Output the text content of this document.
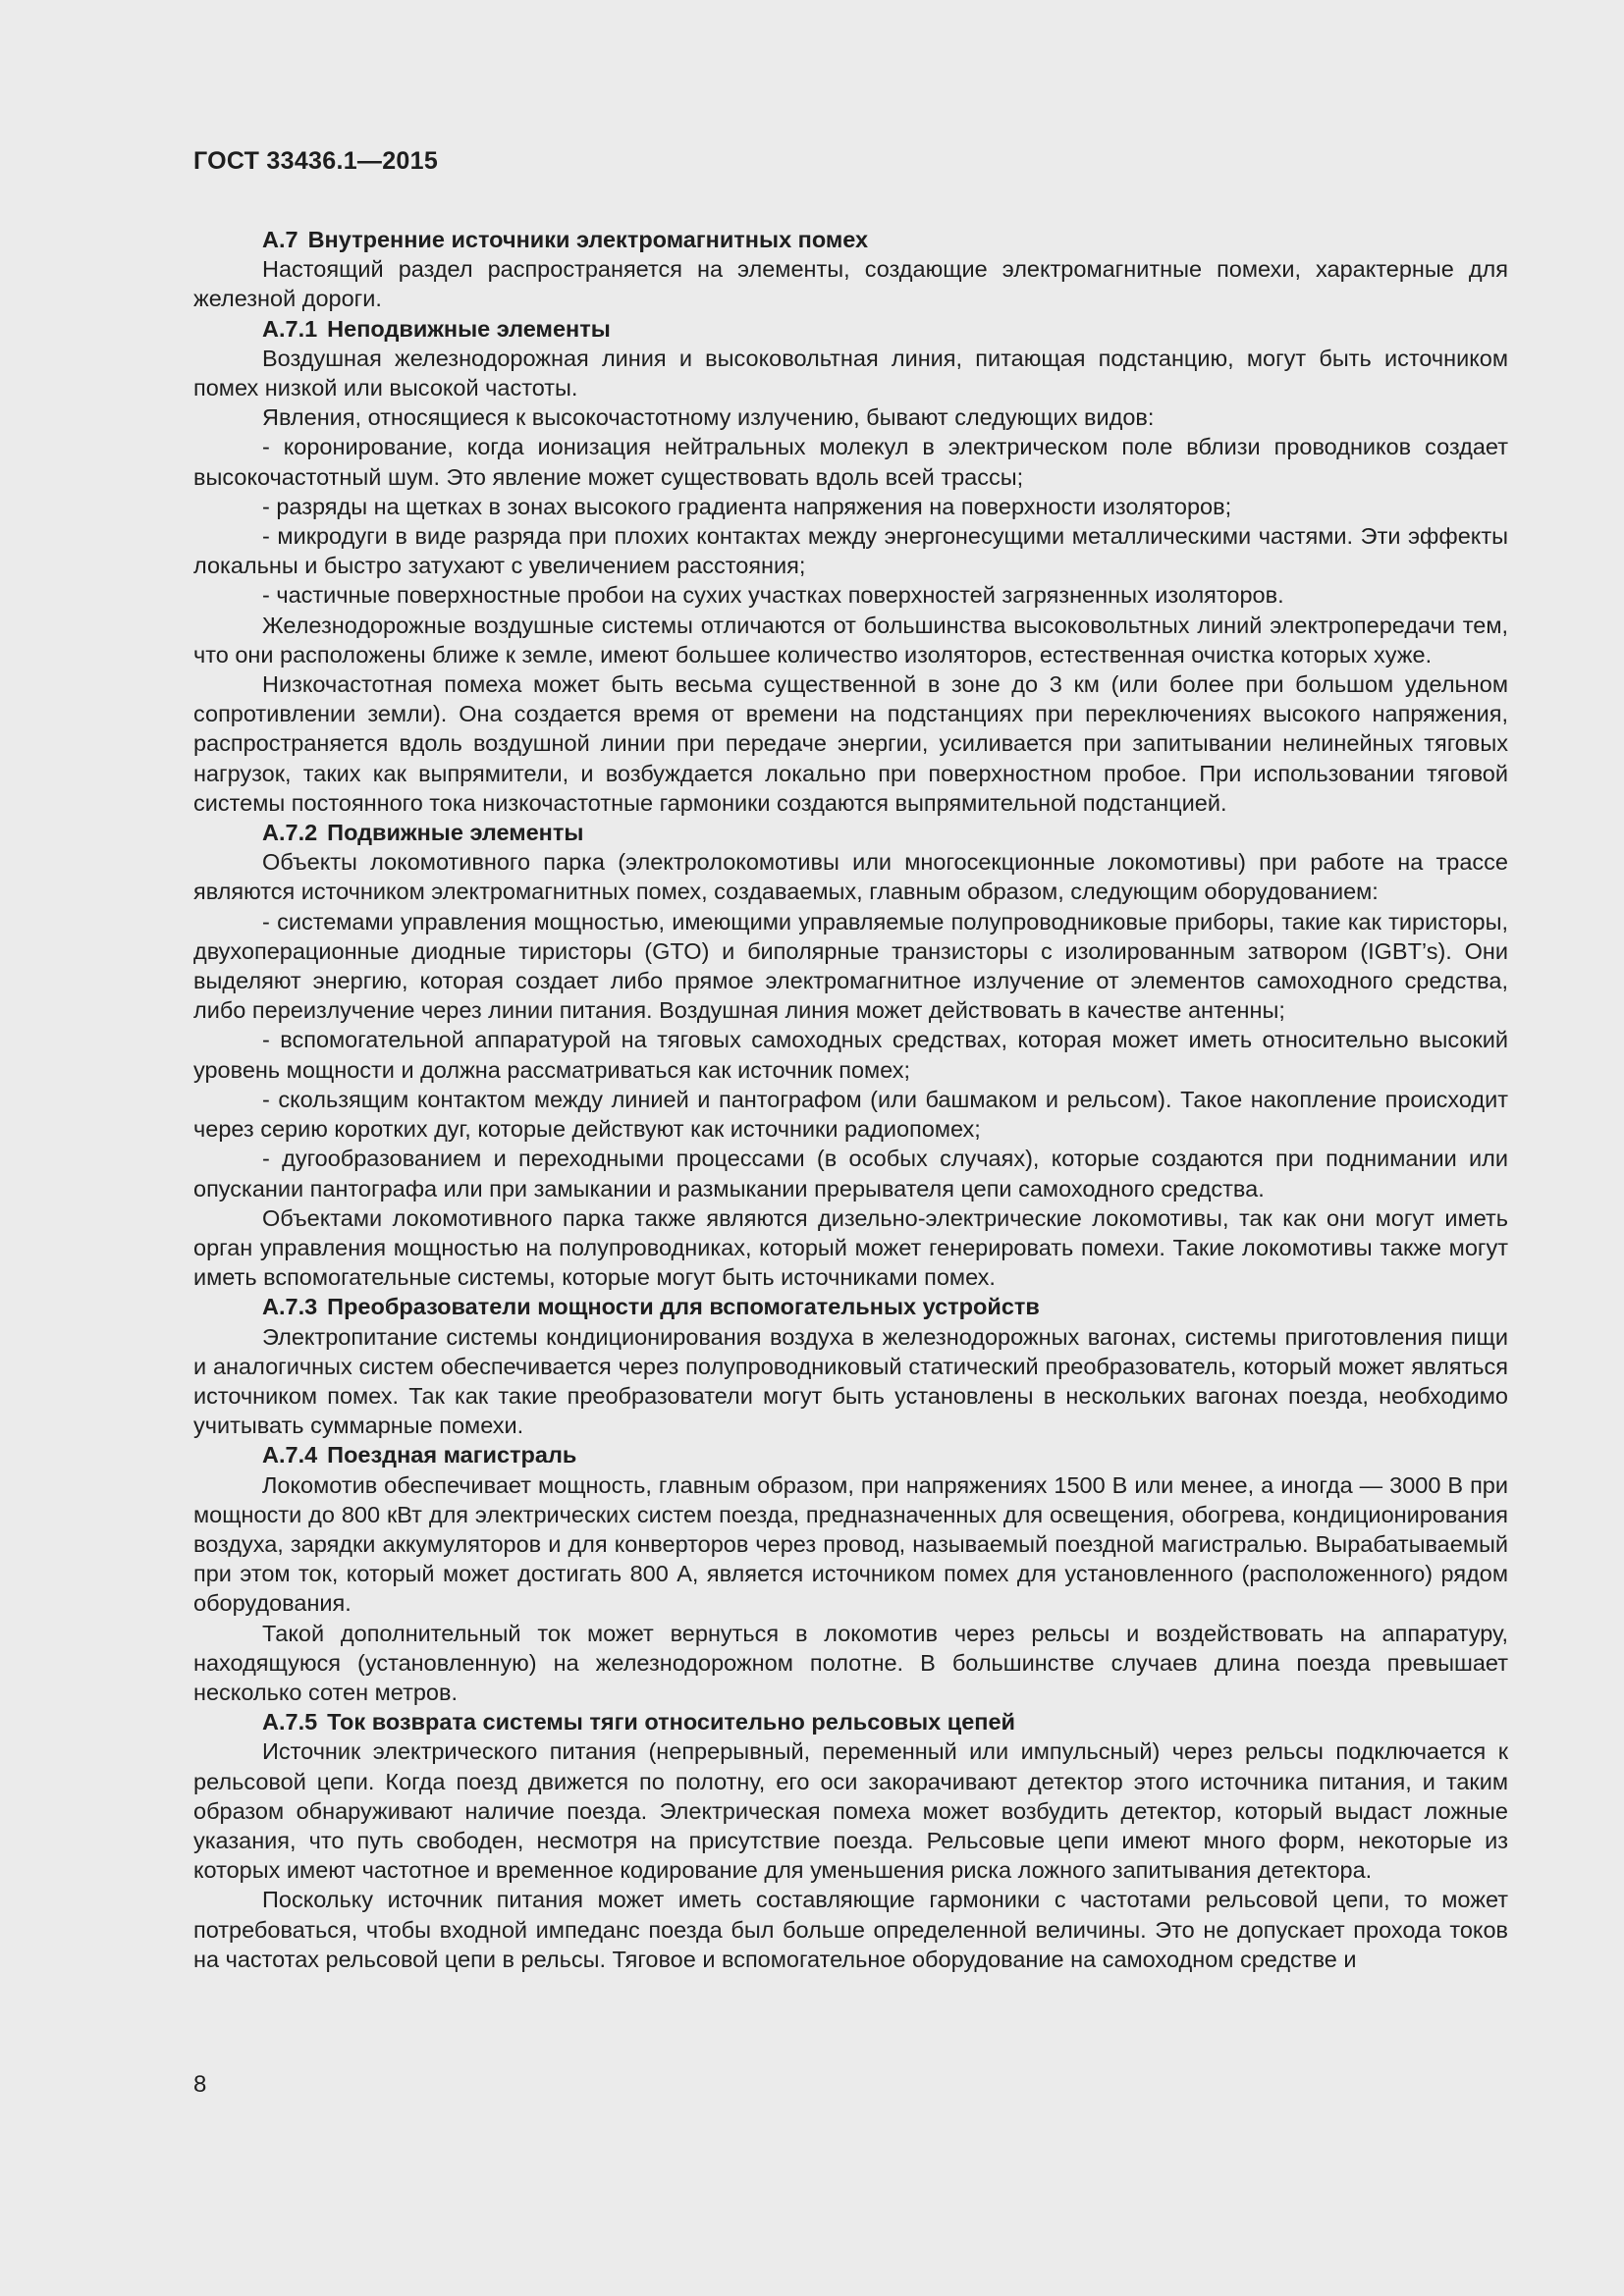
ГОСТ 33436.1—2015
А.7 Внутренние источники электромагнитных помех

Настоящий раздел распространяется на элементы, создающие электромагнитные помехи, характерные для железной дороги.

А.7.1 Неподвижные элементы

Воздушная железнодорожная линия и высоковольтная линия, питающая подстанцию, могут быть источником помех низкой или высокой частоты.

Явления, относящиеся к высокочастотному излучению, бывают следующих видов:

- коронирование, когда ионизация нейтральных молекул в электрическом поле вблизи проводников создает высокочастотный шум. Это явление может существовать вдоль всей трассы;

- разряды на щетках в зонах высокого градиента напряжения на поверхности изоляторов;

- микродуги в виде разряда при плохих контактах между энергонесущими металлическими частями. Эти эффекты локальны и быстро затухают с увеличением расстояния;

- частичные поверхностные пробои на сухих участках поверхностей загрязненных изоляторов.

Железнодорожные воздушные системы отличаются от большинства высоковольтных линий электропередачи тем, что они расположены ближе к земле, имеют большее количество изоляторов, естественная очистка которых хуже.

Низкочастотная помеха может быть весьма существенной в зоне до 3 км (или более при большом удельном сопротивлении земли). Она создается время от времени на подстанциях при переключениях высокого напряжения, распространяется вдоль воздушной линии при передаче энергии, усиливается при запитывании нелинейных тяговых нагрузок, таких как выпрямители, и возбуждается локально при поверхностном пробое. При использовании тяговой системы постоянного тока низкочастотные гармоники создаются выпрямительной подстанцией.

А.7.2 Подвижные элементы

Объекты локомотивного парка (электролокомотивы или многосекционные локомотивы) при работе на трассе являются источником электромагнитных помех, создаваемых, главным образом, следующим оборудованием:

- системами управления мощностью, имеющими управляемые полупроводниковые приборы, такие как тиристоры, двухоперационные диодные тиристоры (GTO) и биполярные транзисторы с изолированным затвором (IGBT’s). Они выделяют энергию, которая создает либо прямое электромагнитное излучение от элементов самоходного средства, либо переизлучение через линии питания. Воздушная линия может действовать в качестве антенны;

- вспомогательной аппаратурой на тяговых самоходных средствах, которая может иметь относительно высокий уровень мощности и должна рассматриваться как источник помех;

- скользящим контактом между линией и пантографом (или башмаком и рельсом). Такое накопление происходит через серию коротких дуг, которые действуют как источники радиопомех;

- дугообразованием и переходными процессами (в особых случаях), которые создаются при поднимании или опускании пантографа или при замыкании и размыкании прерывателя цепи самоходного средства.

Объектами локомотивного парка также являются дизельно-электрические локомотивы, так как они могут иметь орган управления мощностью на полупроводниках, который может генерировать помехи. Такие локомотивы также могут иметь вспомогательные системы, которые могут быть источниками помех.

А.7.3 Преобразователи мощности для вспомогательных устройств

Электропитание системы кондиционирования воздуха в железнодорожных вагонах, системы приготовления пищи и аналогичных систем обеспечивается через полупроводниковый статический преобразователь, который может являться источником помех. Так как такие преобразователи могут быть установлены в нескольких вагонах поезда, необходимо учитывать суммарные помехи.

А.7.4 Поездная магистраль

Локомотив обеспечивает мощность, главным образом, при напряжениях 1500 В или менее, а иногда — 3000 В при мощности до 800 кВт для электрических систем поезда, предназначенных для освещения, обогрева, кондиционирования воздуха, зарядки аккумуляторов и для конверторов через провод, называемый поездной магистралью. Вырабатываемый при этом ток, который может достигать 800 А, является источником помех для установленного (расположенного) рядом оборудования.

Такой дополнительный ток может вернуться в локомотив через рельсы и воздействовать на аппаратуру, находящуюся (установленную) на железнодорожном полотне. В большинстве случаев длина поезда превышает несколько сотен метров.

А.7.5 Ток возврата системы тяги относительно рельсовых цепей

Источник электрического питания (непрерывный, переменный или импульсный) через рельсы подключается к рельсовой цепи. Когда поезд движется по полотну, его оси закорачивают детектор этого источника питания, и таким образом обнаруживают наличие поезда. Электрическая помеха может возбудить детектор, который выдаст ложные указания, что путь свободен, несмотря на присутствие поезда. Рельсовые цепи имеют много форм, некоторые из которых имеют частотное и временное кодирование для уменьшения риска ложного запитывания детектора.

Поскольку источник питания может иметь составляющие гармоники с частотами рельсовой цепи, то может потребоваться, чтобы входной импеданс поезда был больше определенной величины. Это не допускает прохода токов на частотах рельсовой цепи в рельсы. Тяговое и вспомогательное оборудование на самоходном средстве и

8
